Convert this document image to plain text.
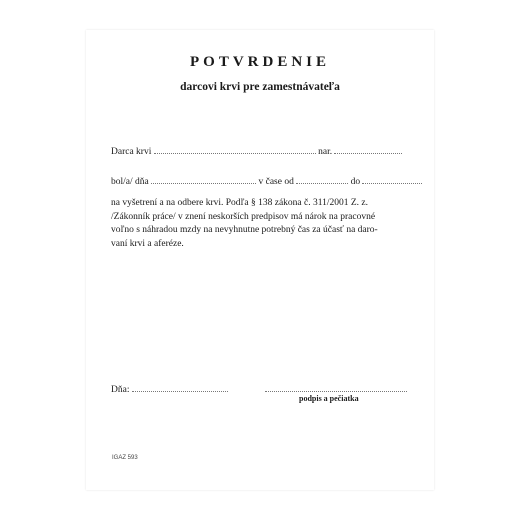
POTVRDENIE
darcovi krvi pre zamestnávateľa
Darca krvi	nar.
bol/a/ dňa	v čase od	do
na vyšetrení a na odbere krvi. Podľa § 138 zákona č. 311/2001 Z. z.
/Zákonník práce/ v znení neskorších predpisov má nárok na pracovné
voľno s náhradou mzdy na nevyhnutne potrebný čas za účasť na daro-
vaní krvi a aferéze.
Dňa:
podpis a pečiatka
IGAZ 593
